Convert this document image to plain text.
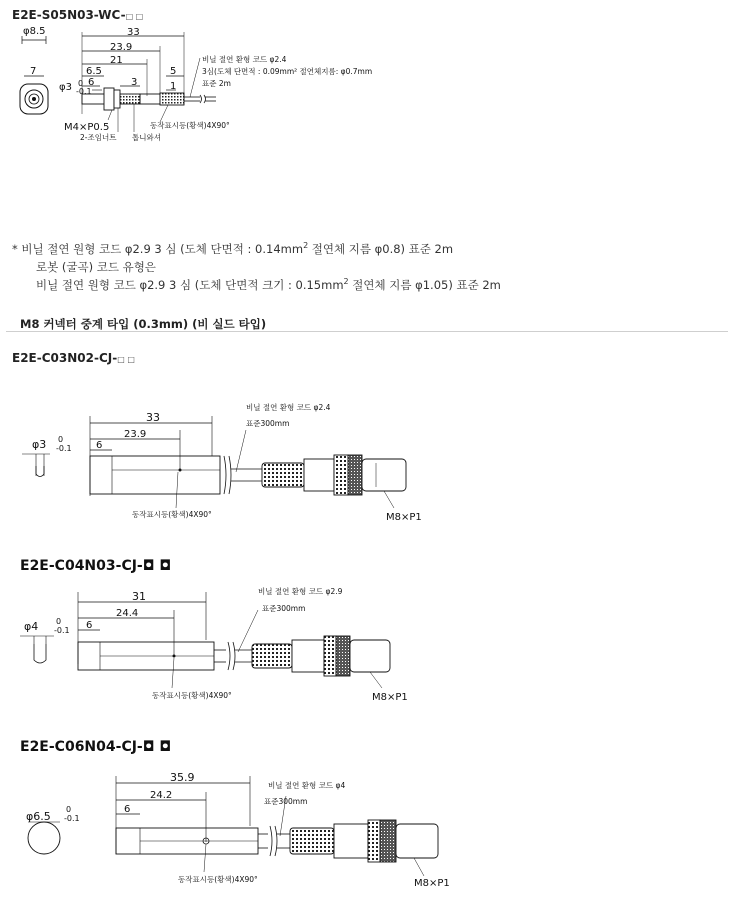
E2E-S05N03-WC-□ □
φ8.5
7
φ3 0
-0.1
33
23.9
21
6.5
6	3
5
1
M4×P0.5
2-조임너트 톱니와셔
동작표시등(황색)4X90°
비닐 절연 환형 코드 φ2.4
3심(도체 단면적 : 0.09mm² 절연체지름: φ0.7mm
표준 2m
* 비닐 절연 원형 코드 φ2.9 3 심 (도체 단면적 : $0.14mm^2$ 절연체 지름 φ0.8) 표준 2m
로봇 (굴곡) 코드 유형은
비닐 절연 원형 코드 φ2.9 3 심 (도체 단면적 크기 : $0.15mm^2$ 절연체 지름 φ1.05) 표준 2m
M8 커넥터 중계 타입 (0.3mm) (비 실드 타입)
E2E-C03N02-CJ-□ □
φ3 0
-0.1
33
23.9
6
비닐 절연 환형 코드 φ2.4
표준300mm
동작표시등(황색)4X90°	M8×P1
E2E-C04N03-CJ-◘ ◘
φ4 0
-0.1
31
24.4
6
비닐 절연 환형 코드 φ2.9
표준300mm
동작표시등(황색)4X90°	M8×P1
E2E-C06N04-CJ-◘ ◘
φ6.5
0
-0.1
35.9
24.2
6
비닐 절연 환형 코드 φ4
표준300mm
동작표시등(황색)4X90°	M8×P1
